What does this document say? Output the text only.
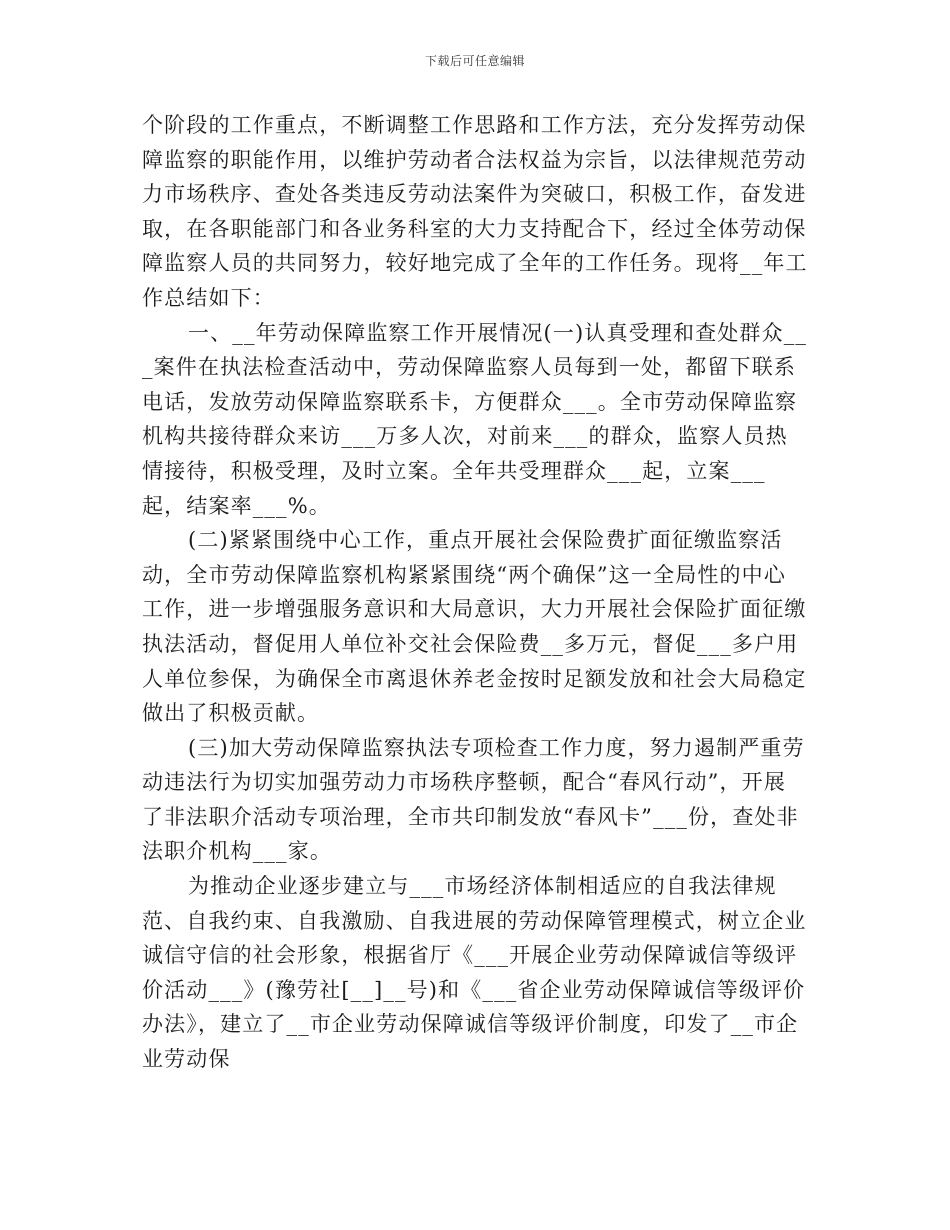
下载后可任意编辑

个阶段的工作重点，不断调整工作思路和工作方法，充分发挥劳动保障监察的职能作用，以维护劳动者合法权益为宗旨，以法律规范劳动力市场秩序、查处各类违反劳动法案件为突破口，积极工作，奋发进取，在各职能部门和各业务科室的大力支持配合下，经过全体劳动保障监察人员的共同努力，较好地完成了全年的工作任务。现将__年工作总结如下：

一、__年劳动保障监察工作开展情况(一)认真受理和查处群众___案件在执法检查活动中，劳动保障监察人员每到一处，都留下联系电话，发放劳动保障监察联系卡，方便群众___。全市劳动保障监察机构共接待群众来访___万多人次，对前来___的群众，监察人员热情接待，积极受理，及时立案。全年共受理群众___起，立案___起，结案率___%。

(二)紧紧围绕中心工作，重点开展社会保险费扩面征缴监察活动，全市劳动保障监察机构紧紧围绕“两个确保”这一全局性的中心工作，进一步增强服务意识和大局意识，大力开展社会保险扩面征缴执法活动，督促用人单位补交社会保险费__多万元，督促___多户用人单位参保，为确保全市离退休养老金按时足额发放和社会大局稳定做出了积极贡献。

(三)加大劳动保障监察执法专项检查工作力度，努力遏制严重劳动违法行为切实加强劳动力市场秩序整顿，配合“春风行动”，开展了非法职介活动专项治理，全市共印制发放“春风卡”___份，查处非法职介机构___家。

为推动企业逐步建立与___市场经济体制相适应的自我法律规范、自我约束、自我激励、自我进展的劳动保障管理模式，树立企业诚信守信的社会形象，根据省厅《___开展企业劳动保障诚信等级评价活动___》(豫劳社[__]__号)和《___省企业劳动保障诚信等级评价办法》，建立了__市企业劳动保障诚信等级评价制度，印发了__市企业劳动保
